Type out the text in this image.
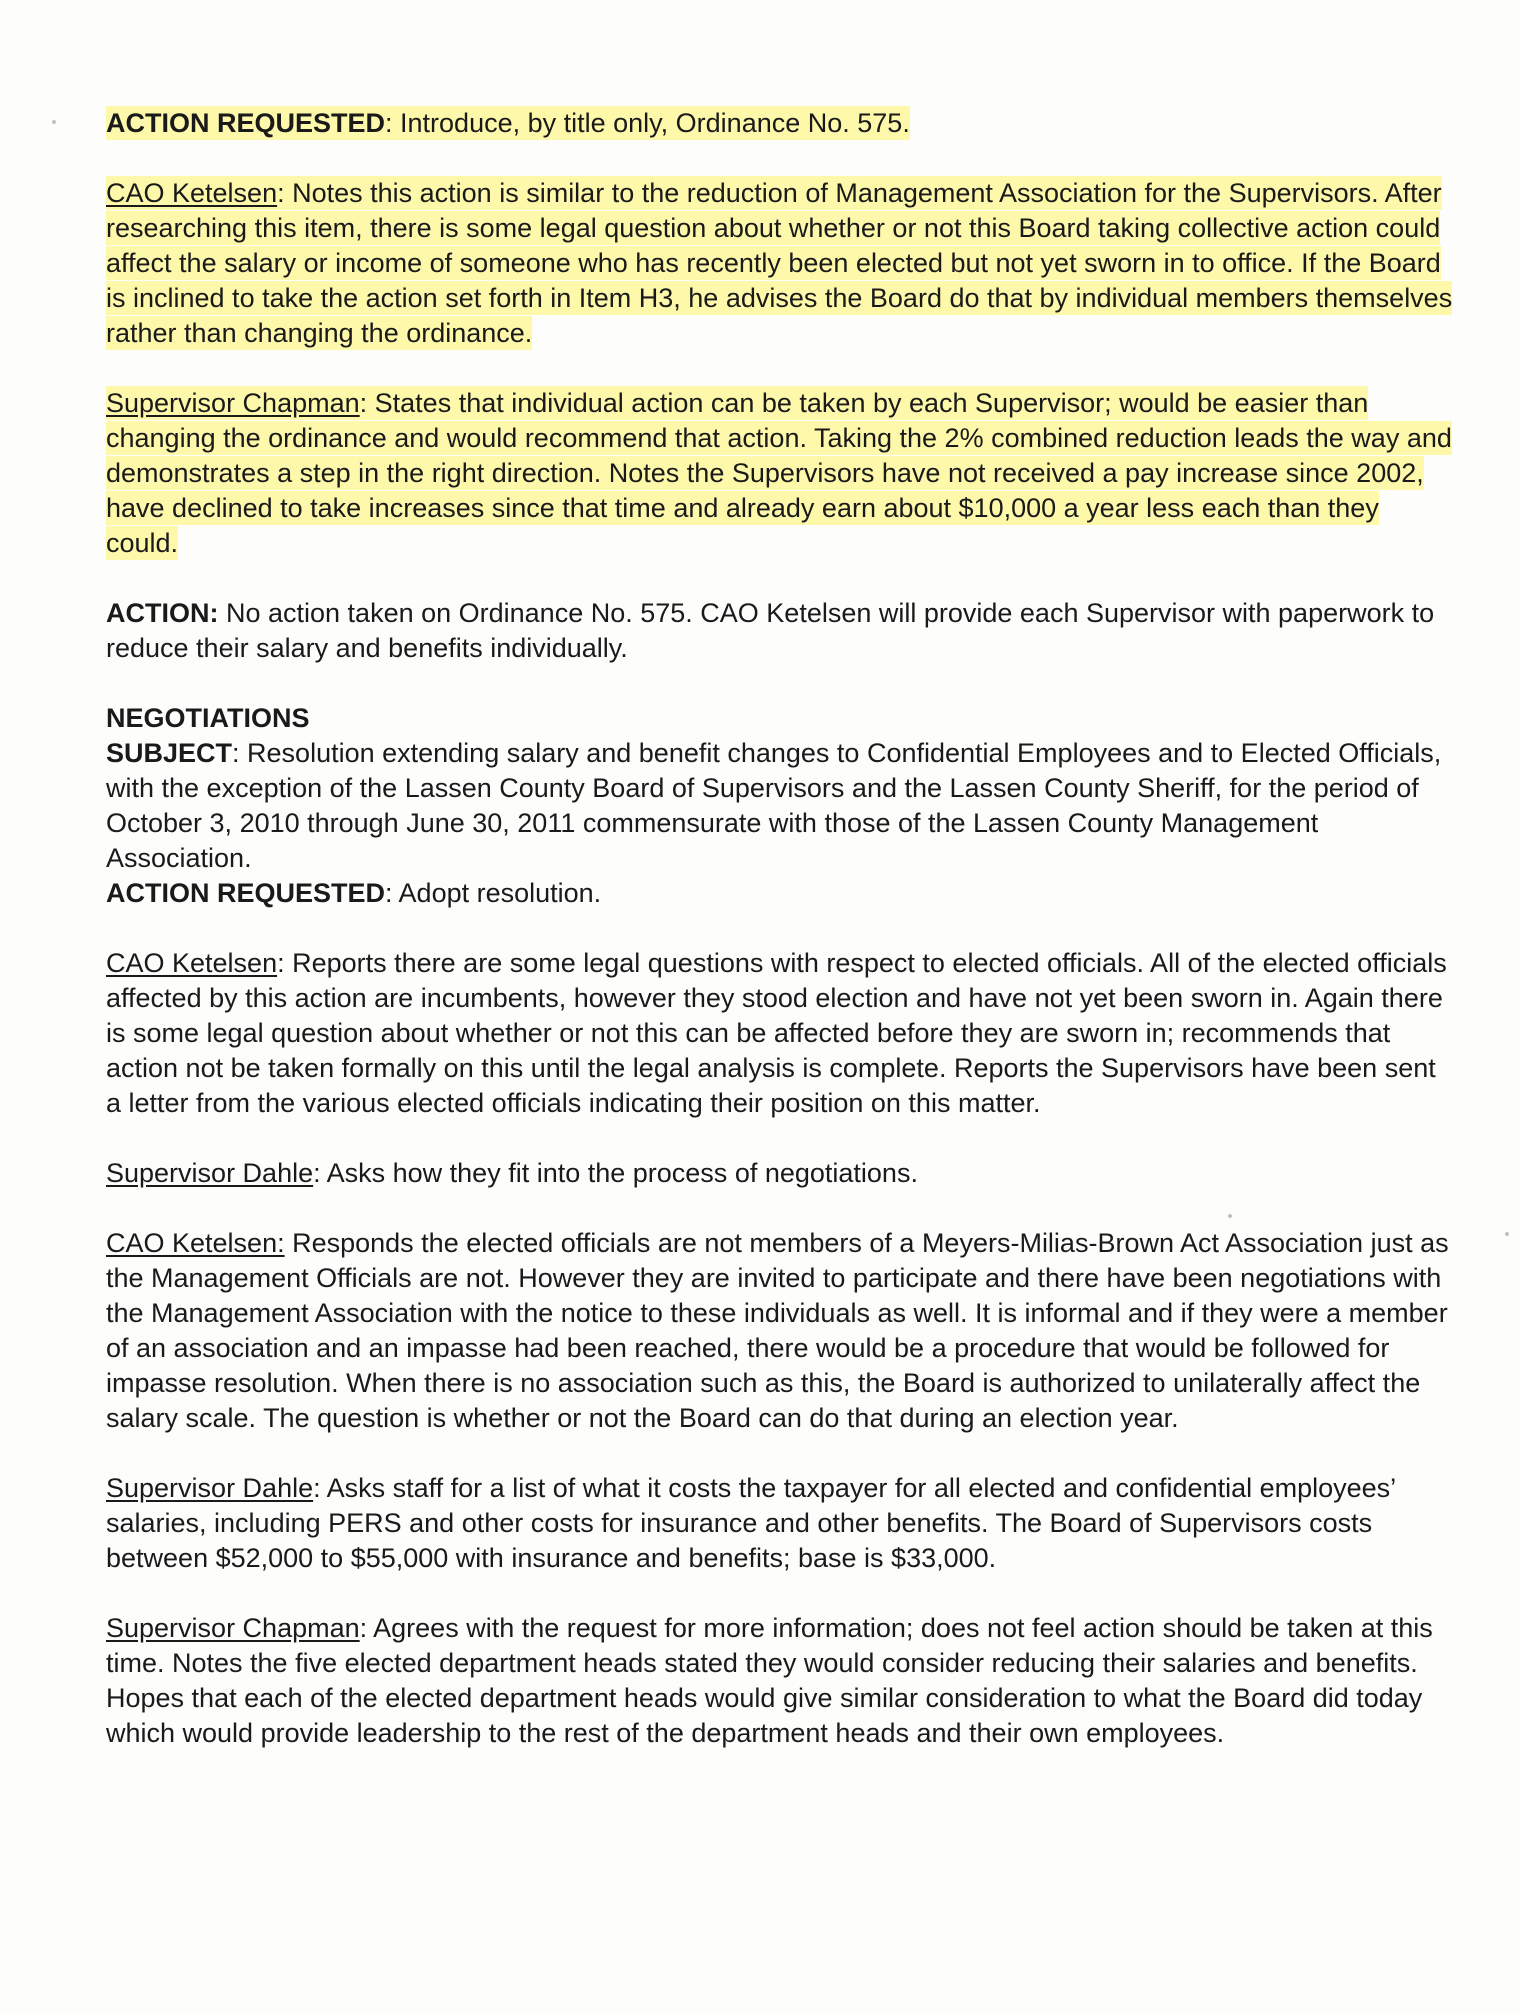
ACTION REQUESTED: Introduce, by title only, Ordinance No. 575.

CAO Ketelsen: Notes this action is similar to the reduction of Management Association for the Supervisors. After researching this item, there is some legal question about whether or not this Board taking collective action could affect the salary or income of someone who has recently been elected but not yet sworn in to office. If the Board is inclined to take the action set forth in Item H3, he advises the Board do that by individual members themselves rather than changing the ordinance.

Supervisor Chapman: States that individual action can be taken by each Supervisor; would be easier than changing the ordinance and would recommend that action. Taking the 2% combined reduction leads the way and demonstrates a step in the right direction. Notes the Supervisors have not received a pay increase since 2002, have declined to take increases since that time and already earn about $10,000 a year less each than they could.

ACTION: No action taken on Ordinance No. 575. CAO Ketelsen will provide each Supervisor with paperwork to reduce their salary and benefits individually.

NEGOTIATIONS

SUBJECT: Resolution extending salary and benefit changes to Confidential Employees and to Elected Officials, with the exception of the Lassen County Board of Supervisors and the Lassen County Sheriff, for the period of October 3, 2010 through June 30, 2011 commensurate with those of the Lassen County Management Association.

ACTION REQUESTED: Adopt resolution.

CAO Ketelsen: Reports there are some legal questions with respect to elected officials. All of the elected officials affected by this action are incumbents, however they stood election and have not yet been sworn in. Again there is some legal question about whether or not this can be affected before they are sworn in; recommends that action not be taken formally on this until the legal analysis is complete. Reports the Supervisors have been sent a letter from the various elected officials indicating their position on this matter.

Supervisor Dahle: Asks how they fit into the process of negotiations.

CAO Ketelsen: Responds the elected officials are not members of a Meyers-Milias-Brown Act Association just as the Management Officials are not. However they are invited to participate and there have been negotiations with the Management Association with the notice to these individuals as well. It is informal and if they were a member of an association and an impasse had been reached, there would be a procedure that would be followed for impasse resolution. When there is no association such as this, the Board is authorized to unilaterally affect the salary scale. The question is whether or not the Board can do that during an election year.

Supervisor Dahle: Asks staff for a list of what it costs the taxpayer for all elected and confidential employees’ salaries, including PERS and other costs for insurance and other benefits. The Board of Supervisors costs between $52,000 to $55,000 with insurance and benefits; base is $33,000.

Supervisor Chapman: Agrees with the request for more information; does not feel action should be taken at this time. Notes the five elected department heads stated they would consider reducing their salaries and benefits. Hopes that each of the elected department heads would give similar consideration to what the Board did today which would provide leadership to the rest of the department heads and their own employees.
